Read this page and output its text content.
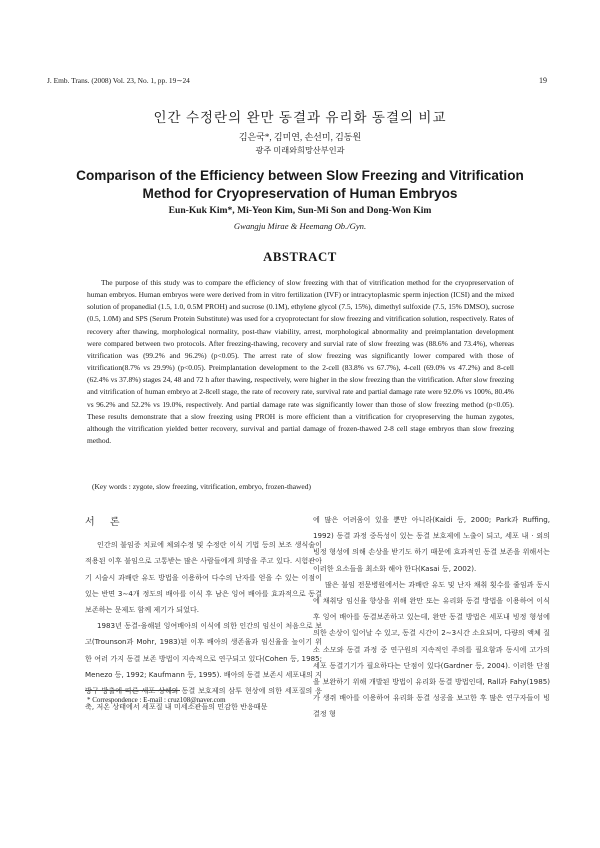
J. Emb. Trans. (2008) Vol. 23, No. 1, pp. 19∼24	19
인간 수정란의 완만 동결과 유리화 동결의 비교
김은국*, 김미연, 손선미, 김동원
광주 미래와희망산부인과
Comparison of the Efficiency between Slow Freezing and Vitrification Method for Cryopreservation of Human Embryos
Eun-Kuk Kim*, Mi-Yeon Kim, Sun-Mi Son and Dong-Won Kim
Gwangju Mirae & Heemang Ob./Gyn.
ABSTRACT

The purpose of this study was to compare the efficiency of slow freezing with that of vitrification method for the cryopreservation of human embryos. Human embryos were were derived from in vitro fertilization (IVF) or intracytoplasmic sperm injection (ICSI) and the mixed solution of propanedial (1.5, 1.0, 0.5M PROH) and sucrose (0.1M), ethylene glycol (7.5, 15%), dimethyl sulfoxide (7.5, 15% DMSO), sucrose (0.5, 1.0M) and SPS (Serum Protein Substitute) was used for a cryoprotectant for slow freezing and vitrification solution, respectively. Rates of recovery after thawing, morphological normality, post-thaw viability, arrest, morphological abnormality and preimplantation development were compared between two protocols. After freezing-thawing, recovery and survial rate of slow freezing was (88.6% and 73.4%), whereas vitrification was (99.2% and 96.2%) (p<0.05). The arrest rate of slow freezing was significantly lower compared with those of vitrification(8.7% vs 29.9%) (p<0.05). Preimplantation development to the 2-cell (83.8% vs 67.7%), 4-cell (69.0% vs 47.2%) and 8-cell (62.4% vs 37.8%) stages 24, 48 and 72 h after thawing, respectively, were higher in the slow freezing than the vitrification. After slow freezing and vitrification of human embryo at 2-8cell stage, the rate of recovery rate, survival rate and partial damage rate were 92.0% vs 100%, 80.4% vs 96.2% and 52.2% vs 19.0%, respectively. And partial damage rate was significantly lower than those of slow freezing method (p<0.05). These results demonstrate that a slow freezing using PROH is more efficient than a vitrification for cryopreserving the human zygotes, although the vitrification yielded better recovery, survival and partial damage of frozen-thawed 2-8 cell stage embryos than slow freezing method.

(Key words : zygote, slow freezing, vitrification, embryo, frozen-thawed)

서 론

인간의 불임증 치료에 체외수정 및 수정란 이식 기법 등의 보조 생식술이 적용된 이후 불임으로 고통받는 많은 사람들에게 희망을 주고 있다. 시험관아기 시술시 과배란 유도 방법을 이용하여 다수의 난자를 얻을 수 있는 이점이 있는 반면 3∼4개 정도의 배아를 이식 후 남은 잉여 배아를 효과적으로 동결 보존하는 문제도 함께 제기가 되었다.

1983년 동결-융해된 잉여배아의 이식에 의한 인간의 임신이 처음으로 보고(Trounson과 Mohr, 1983)된 이후 배아의 생존율과 임신율을 높이기 위한 여러 가지 동결 보존 방법이 지속적으로 연구되고 있다(Cohen 등, 1985; Menezo 등, 1992; Kaufmann 등, 1995). 배아의 동결 보존시 세포내의 지방구 방출에 따른 세포 상해와 동결 보호제의 삼투 현상에 의한 세포질의 응축, 저온 상태에서 세포질 내 미세소관들의 민감한 반응때문

에 많은 어려움이 있을 뿐만 아니라(Kaidi 등, 2000; Park과 Ruffing, 1992) 동결 과정 중독성이 있는 동결 보호제에 노출이 되고, 세포 내 · 외의 빙정 형성에 의해 손상을 받기도 하기 때문에 효과적인 동결 보존을 위해서는 이러한 요소들을 최소화 해야 한다(Kasai 등, 2002).

많은 불임 전문병원에서는 과배란 유도 및 난자 채취 횟수를 줄임과 동시에 채취당 임신율 향상을 위해 완만 또는 유리화 동결 방법을 이용하여 이식 후 잉여 배아를 동결보존하고 있는데, 완만 동결 방법은 세포내 빙정 형성에 의한 손상이 일어날 수 있고, 동결 시간이 2∼3시간 소요되며, 다량의 액체 질소 소모와 동결 과정 중 연구원의 지속적인 주의를 필요함과 동시에 고가의 세포 동결기기가 필요하다는 단점이 있다(Gardner 등, 2004). 이러한 단점을 보완하기 위해 개발된 방법이 유리화 동결 방법인데, Rall과 Fahy(1985)가 생쥐 배아를 이용하여 유리화 동결 성공을 보고한 후 많은 연구자들이 빙결정 형

* Correspondence : E-mail : cruz108@naver.com
